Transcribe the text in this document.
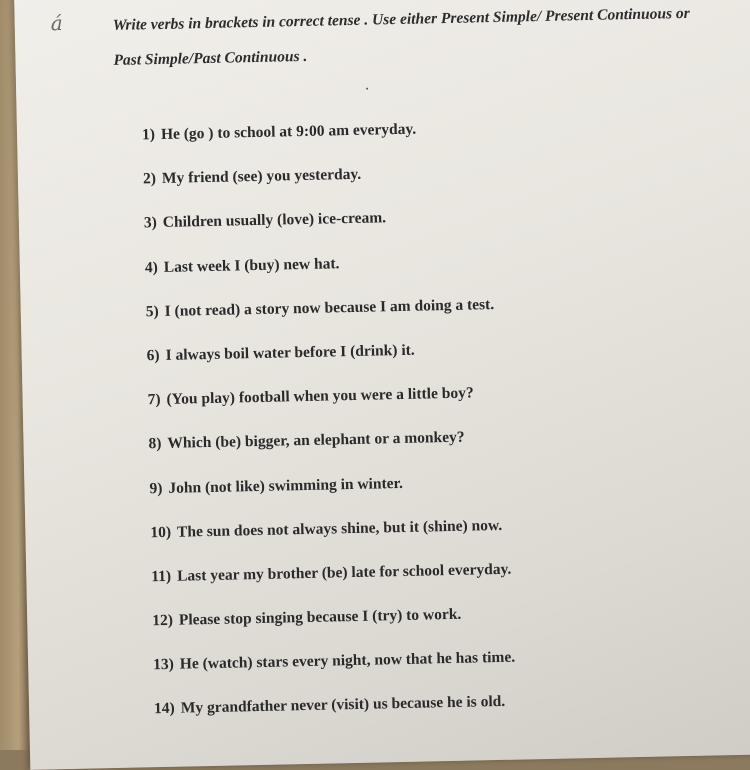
á	Write verbs in brackets in correct tense . Use either Present Simple/ Present Continuous or Past Simple/Past Continuous .
1) He (go ) to school at 9:00 am everyday.
2) My friend (see) you yesterday.
3) Children usually (love) ice-cream.
4) Last week I (buy) new hat.
5) I (not read) a story now because I am doing a test.
6) I always boil water before I (drink) it.
7) (You play) football when you were a little boy?
8) Which (be) bigger, an elephant or a monkey?
9) John (not like) swimming in winter.
10) The sun does not always shine, but it (shine) now.
11) Last year my brother (be) late for school everyday.
12) Please stop singing because I (try) to work.
13) He (watch) stars every night, now that he has time.
14) My grandfather never (visit) us because he is old.
